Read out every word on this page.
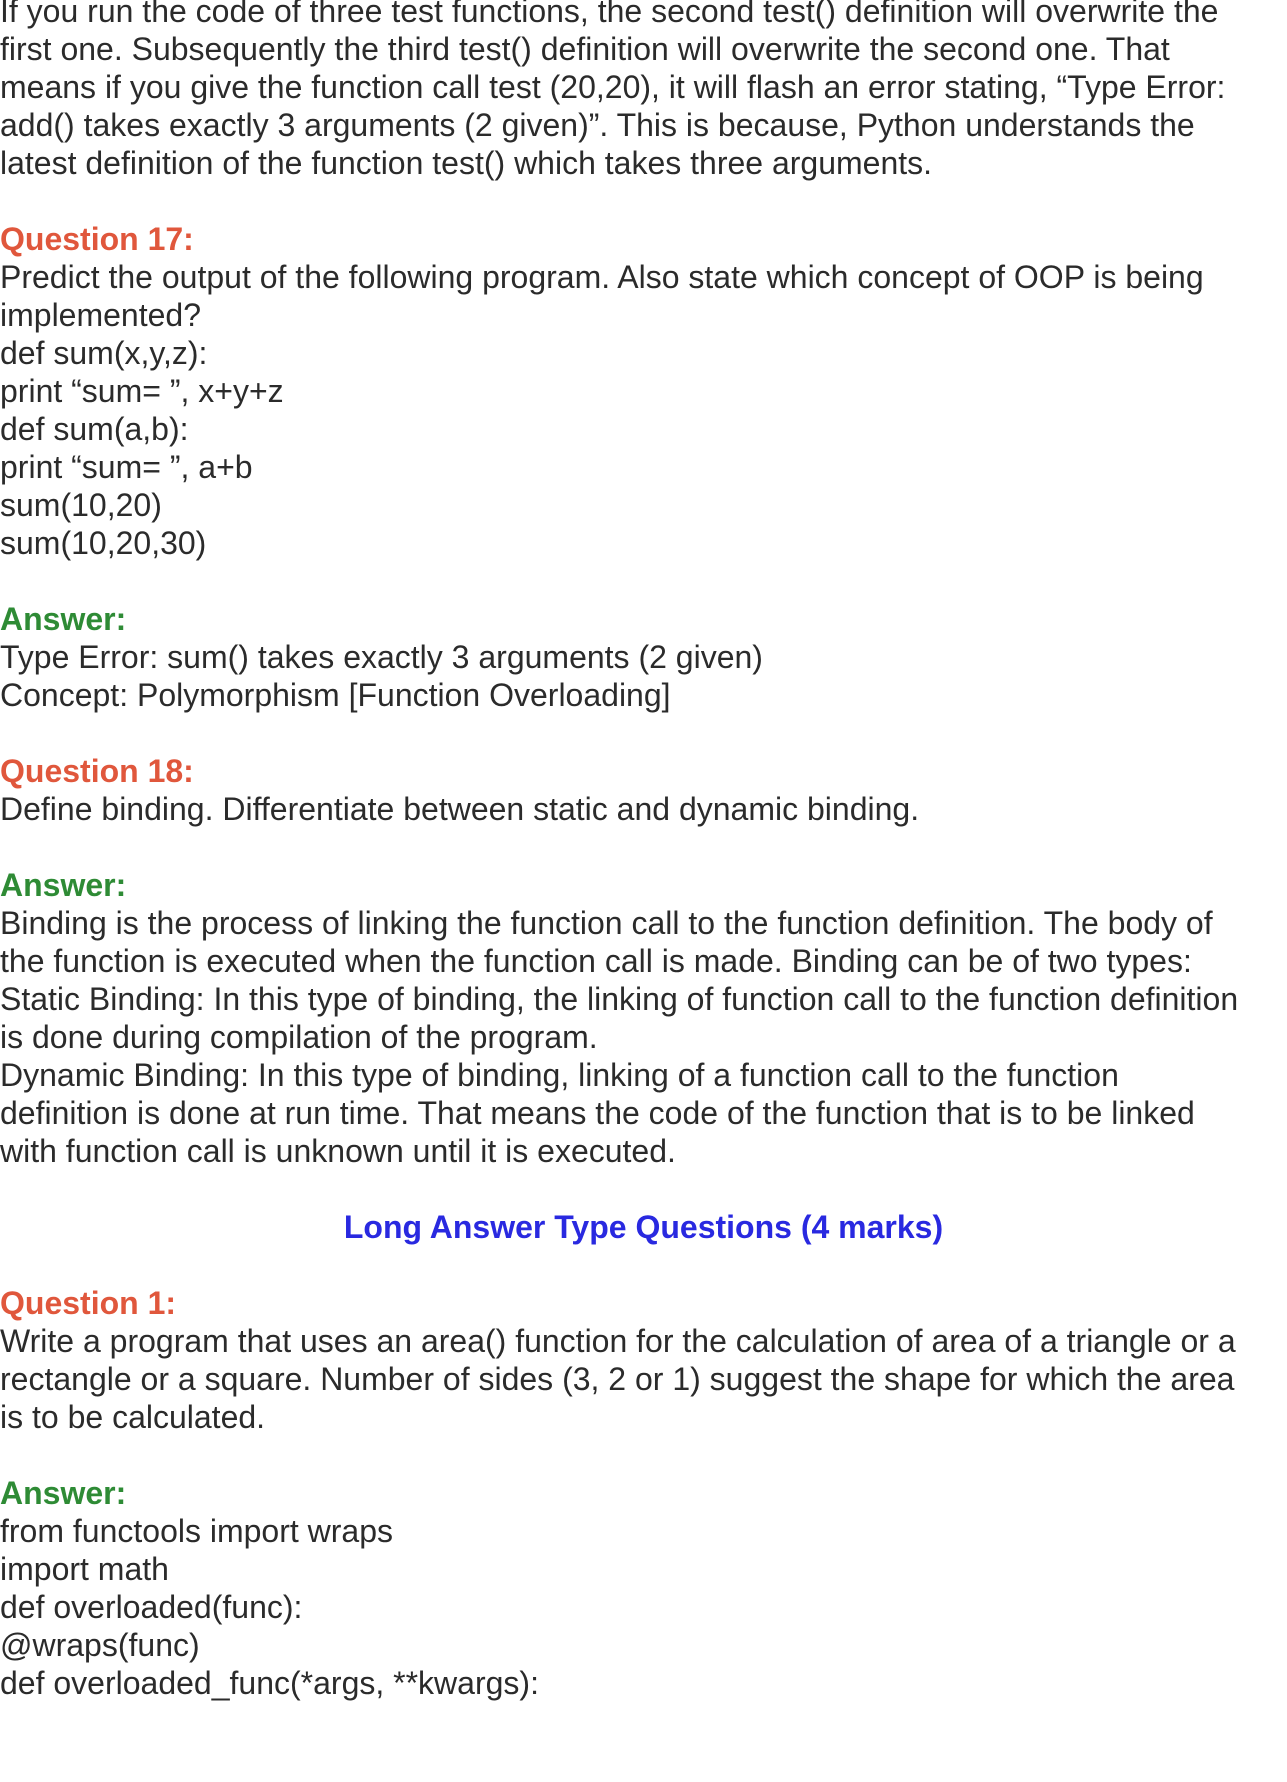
If you run the code of three test functions, the second test() definition will overwrite the

first one. Subsequently the third test() definition will overwrite the second one. That

means if you give the function call test (20,20), it will flash an error stating, “Type Error:

add() takes exactly 3 arguments (2 given)”. This is because, Python understands the

latest definition of the function test() which takes three arguments.

Question 17:

Predict the output of the following program. Also state which concept of OOP is being

implemented?

def sum(x,y,z):

print “sum= ”, x+y+z

def sum(a,b):

print “sum= ”, a+b

sum(10,20)

sum(10,20,30)

Answer:

Type Error: sum() takes exactly 3 arguments (2 given)

Concept: Polymorphism [Function Overloading]

Question 18:

Define binding. Differentiate between static and dynamic binding.

Answer:

Binding is the process of linking the function call to the function definition. The body of

the function is executed when the function call is made. Binding can be of two types:

Static Binding: In this type of binding, the linking of function call to the function definition

is done during compilation of the program.

Dynamic Binding: In this type of binding, linking of a function call to the function

definition is done at run time. That means the code of the function that is to be linked

with function call is unknown until it is executed.

Long Answer Type Questions (4 marks)

Question 1:

Write a program that uses an area() function for the calculation of area of a triangle or a

rectangle or a square. Number of sides (3, 2 or 1) suggest the shape for which the area

is to be calculated.

Answer:

from functools import wraps

import math

def overloaded(func):

@wraps(func)

def overloaded_func(*args, **kwargs):
